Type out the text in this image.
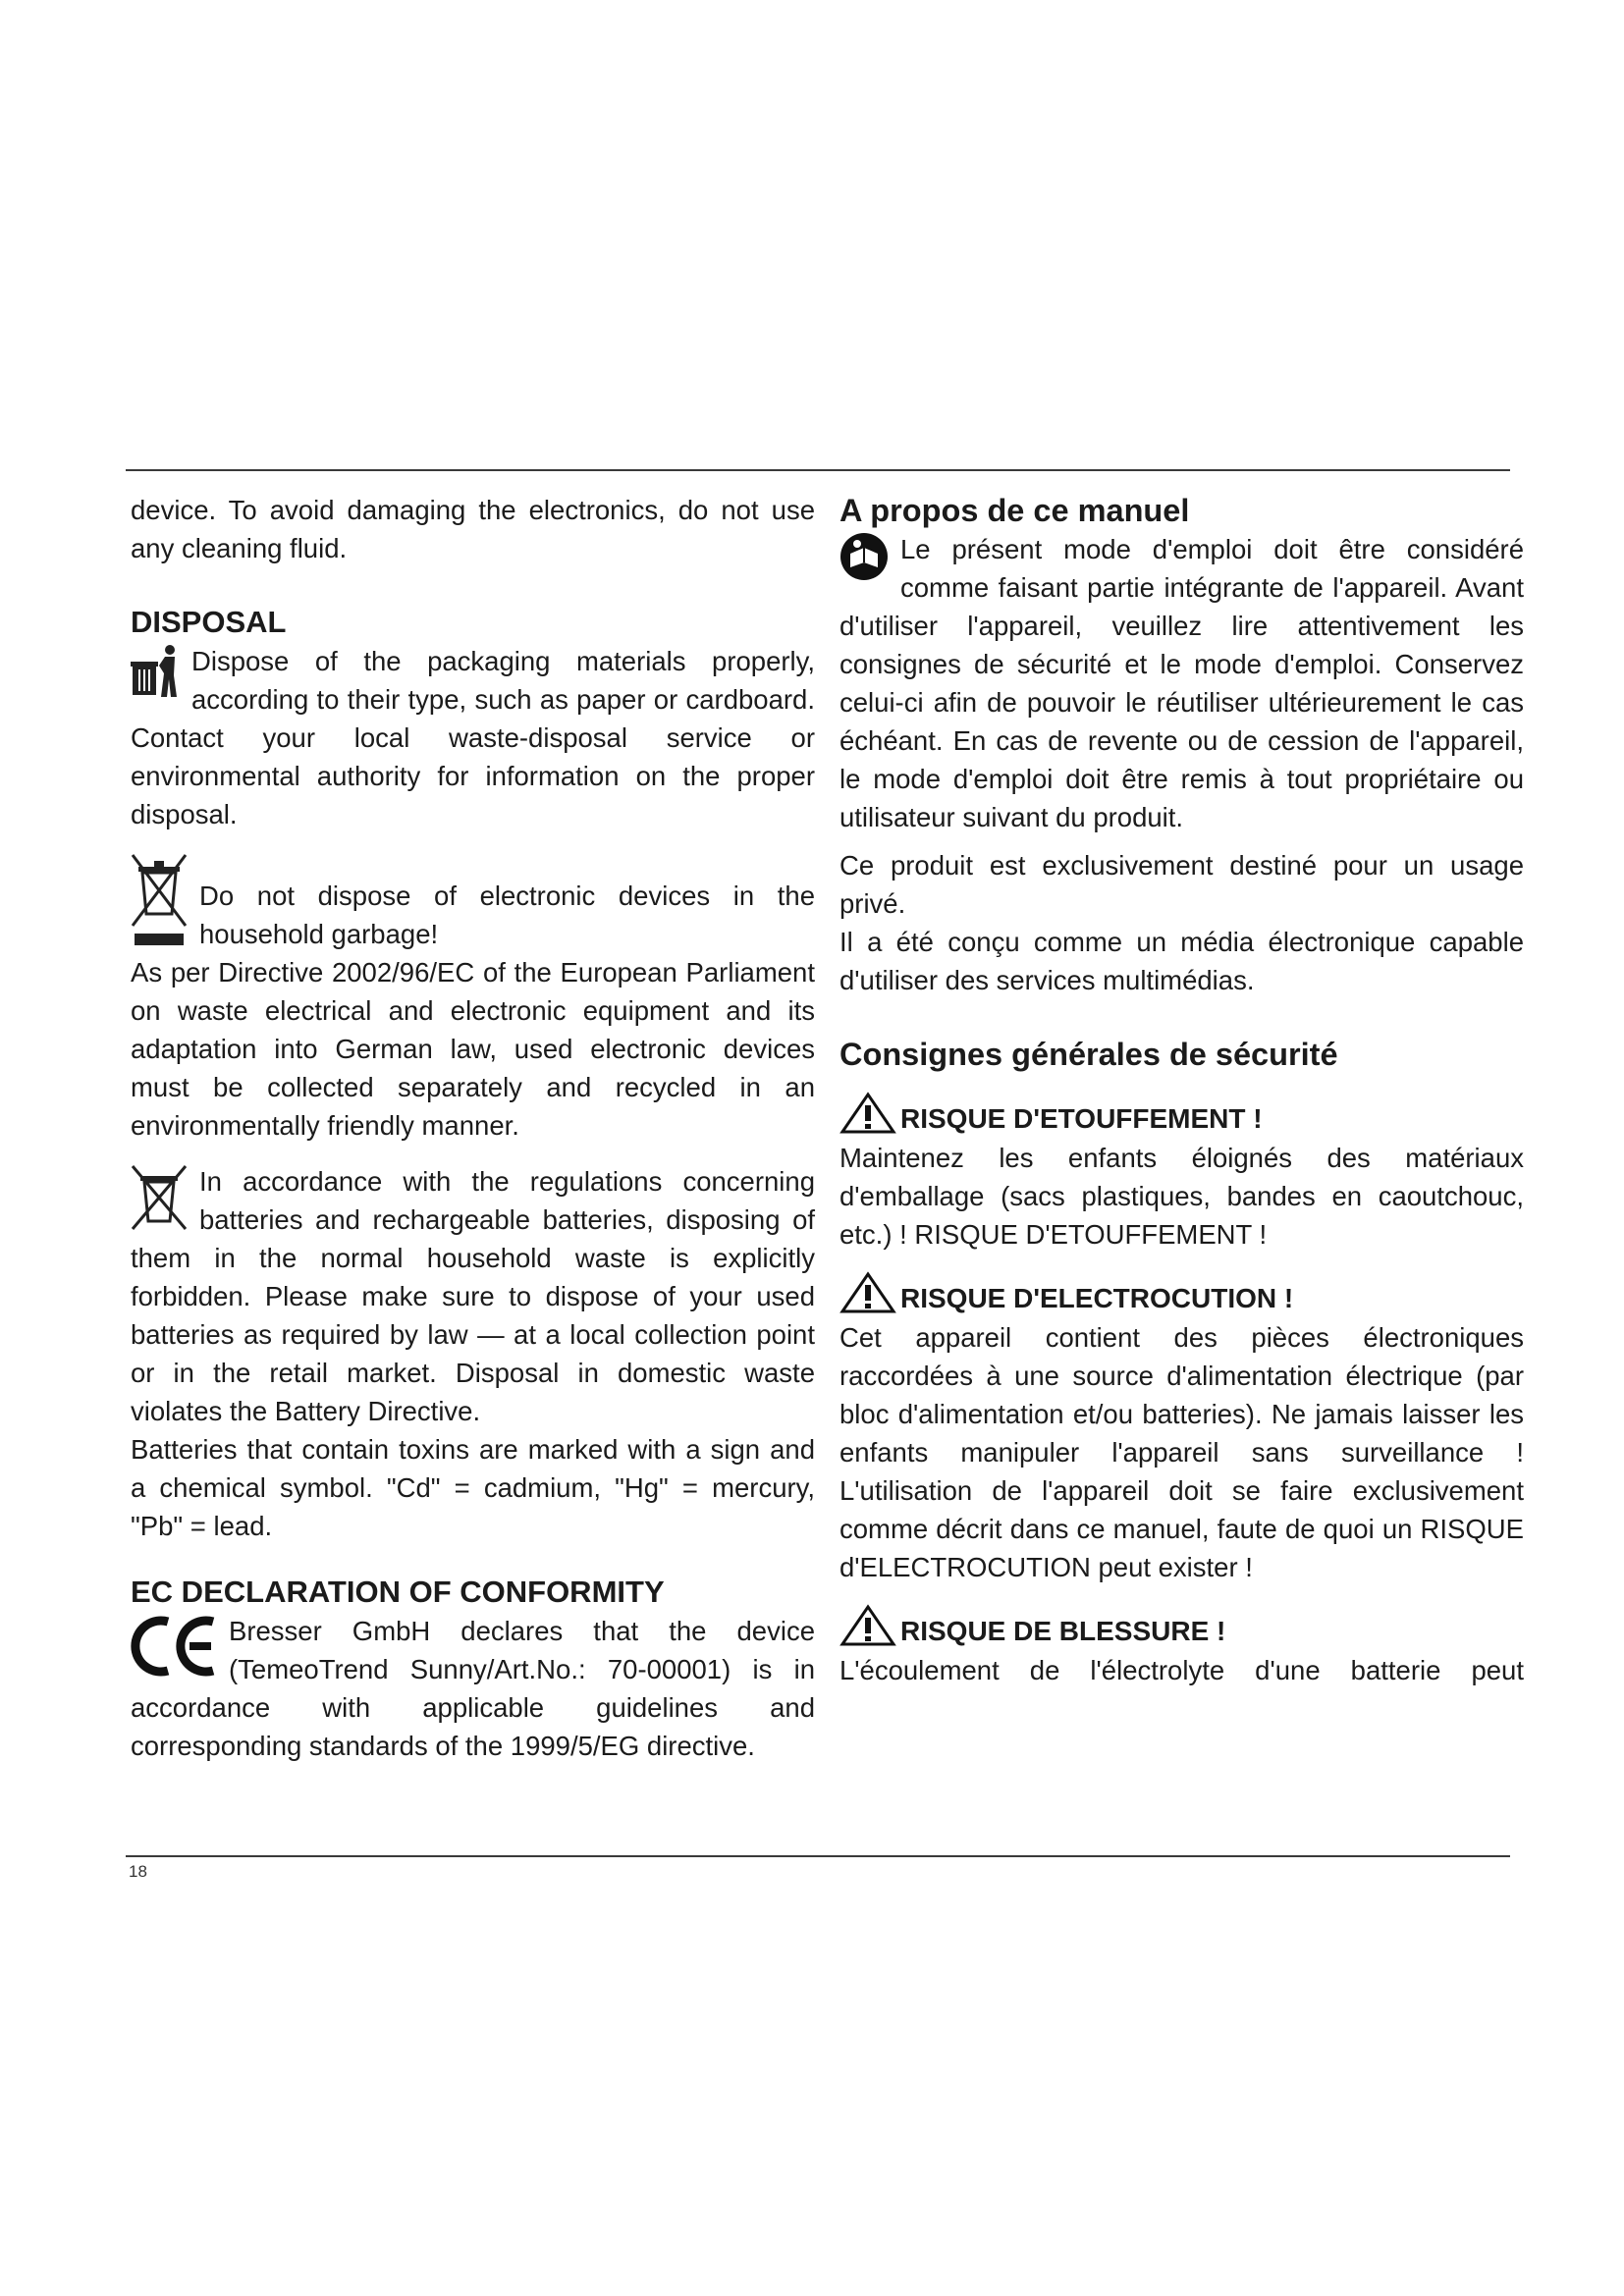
device. To avoid damaging the electronics, do not use any cleaning fluid.

DISPOSAL

Dispose of the packaging materials properly, according to their type, such as paper or cardboard. Contact your local waste-disposal service or environmental authority for information on the proper disposal.

Do not dispose of electronic devices in the household garbage!

As per Directive 2002/96/EC of the European Parliament on waste electrical and electronic equipment and its adaptation into German law, used electronic devices must be collected separately and recycled in an environmentally friendly manner.

In accordance with the regulations concerning batteries and rechargeable batteries, disposing of them in the normal household waste is explicitly forbidden. Please make sure to dispose of your used batteries as required by law — at a local collection point or in the retail market. Disposal in domestic waste violates the Battery Directive.

Batteries that contain toxins are marked with a sign and a chemical symbol. "Cd" = cadmium, "Hg" = mercury, "Pb" = lead.

EC DECLARATION OF CONFORMITY

Bresser GmbH declares that the device (TemeoTrend Sunny/Art.No.: 70-00001) is in accordance with applicable guidelines and corresponding standards of the 1999/5/EG directive.

A propos de ce manuel

Le présent mode d'emploi doit être considéré comme faisant partie intégrante de l'appareil. Avant d'utiliser l'appareil, veuillez lire attentivement les consignes de sécurité et le mode d'emploi. Conservez celui-ci afin de pouvoir le réutiliser ultérieurement le cas échéant. En cas de revente ou de cession de l'appareil, le mode d'emploi doit être remis à tout propriétaire ou utilisateur suivant du produit.

Ce produit est exclusivement destiné pour un usage privé.

Il a été conçu comme un média électronique capable d'utiliser des services multimédias.

Consignes générales de sécurité
RISQUE D'ETOUFFEMENT !

Maintenez les enfants éloignés des matériaux d'emballage (sacs plastiques, bandes en caoutchouc, etc.) ! RISQUE D'ETOUFFEMENT !

RISQUE D'ELECTROCUTION !

Cet appareil contient des pièces électroniques raccordées à une source d'alimentation électrique (par bloc d'alimentation et/ou batteries). Ne jamais laisser les enfants manipuler l'appareil sans surveillance ! L'utilisation de l'appareil doit se faire exclusivement comme décrit dans ce manuel, faute de quoi un RISQUE d'ELECTROCUTION peut exister !

RISQUE DE BLESSURE !

L'écoulement de l'électrolyte d'une batterie peut

18
